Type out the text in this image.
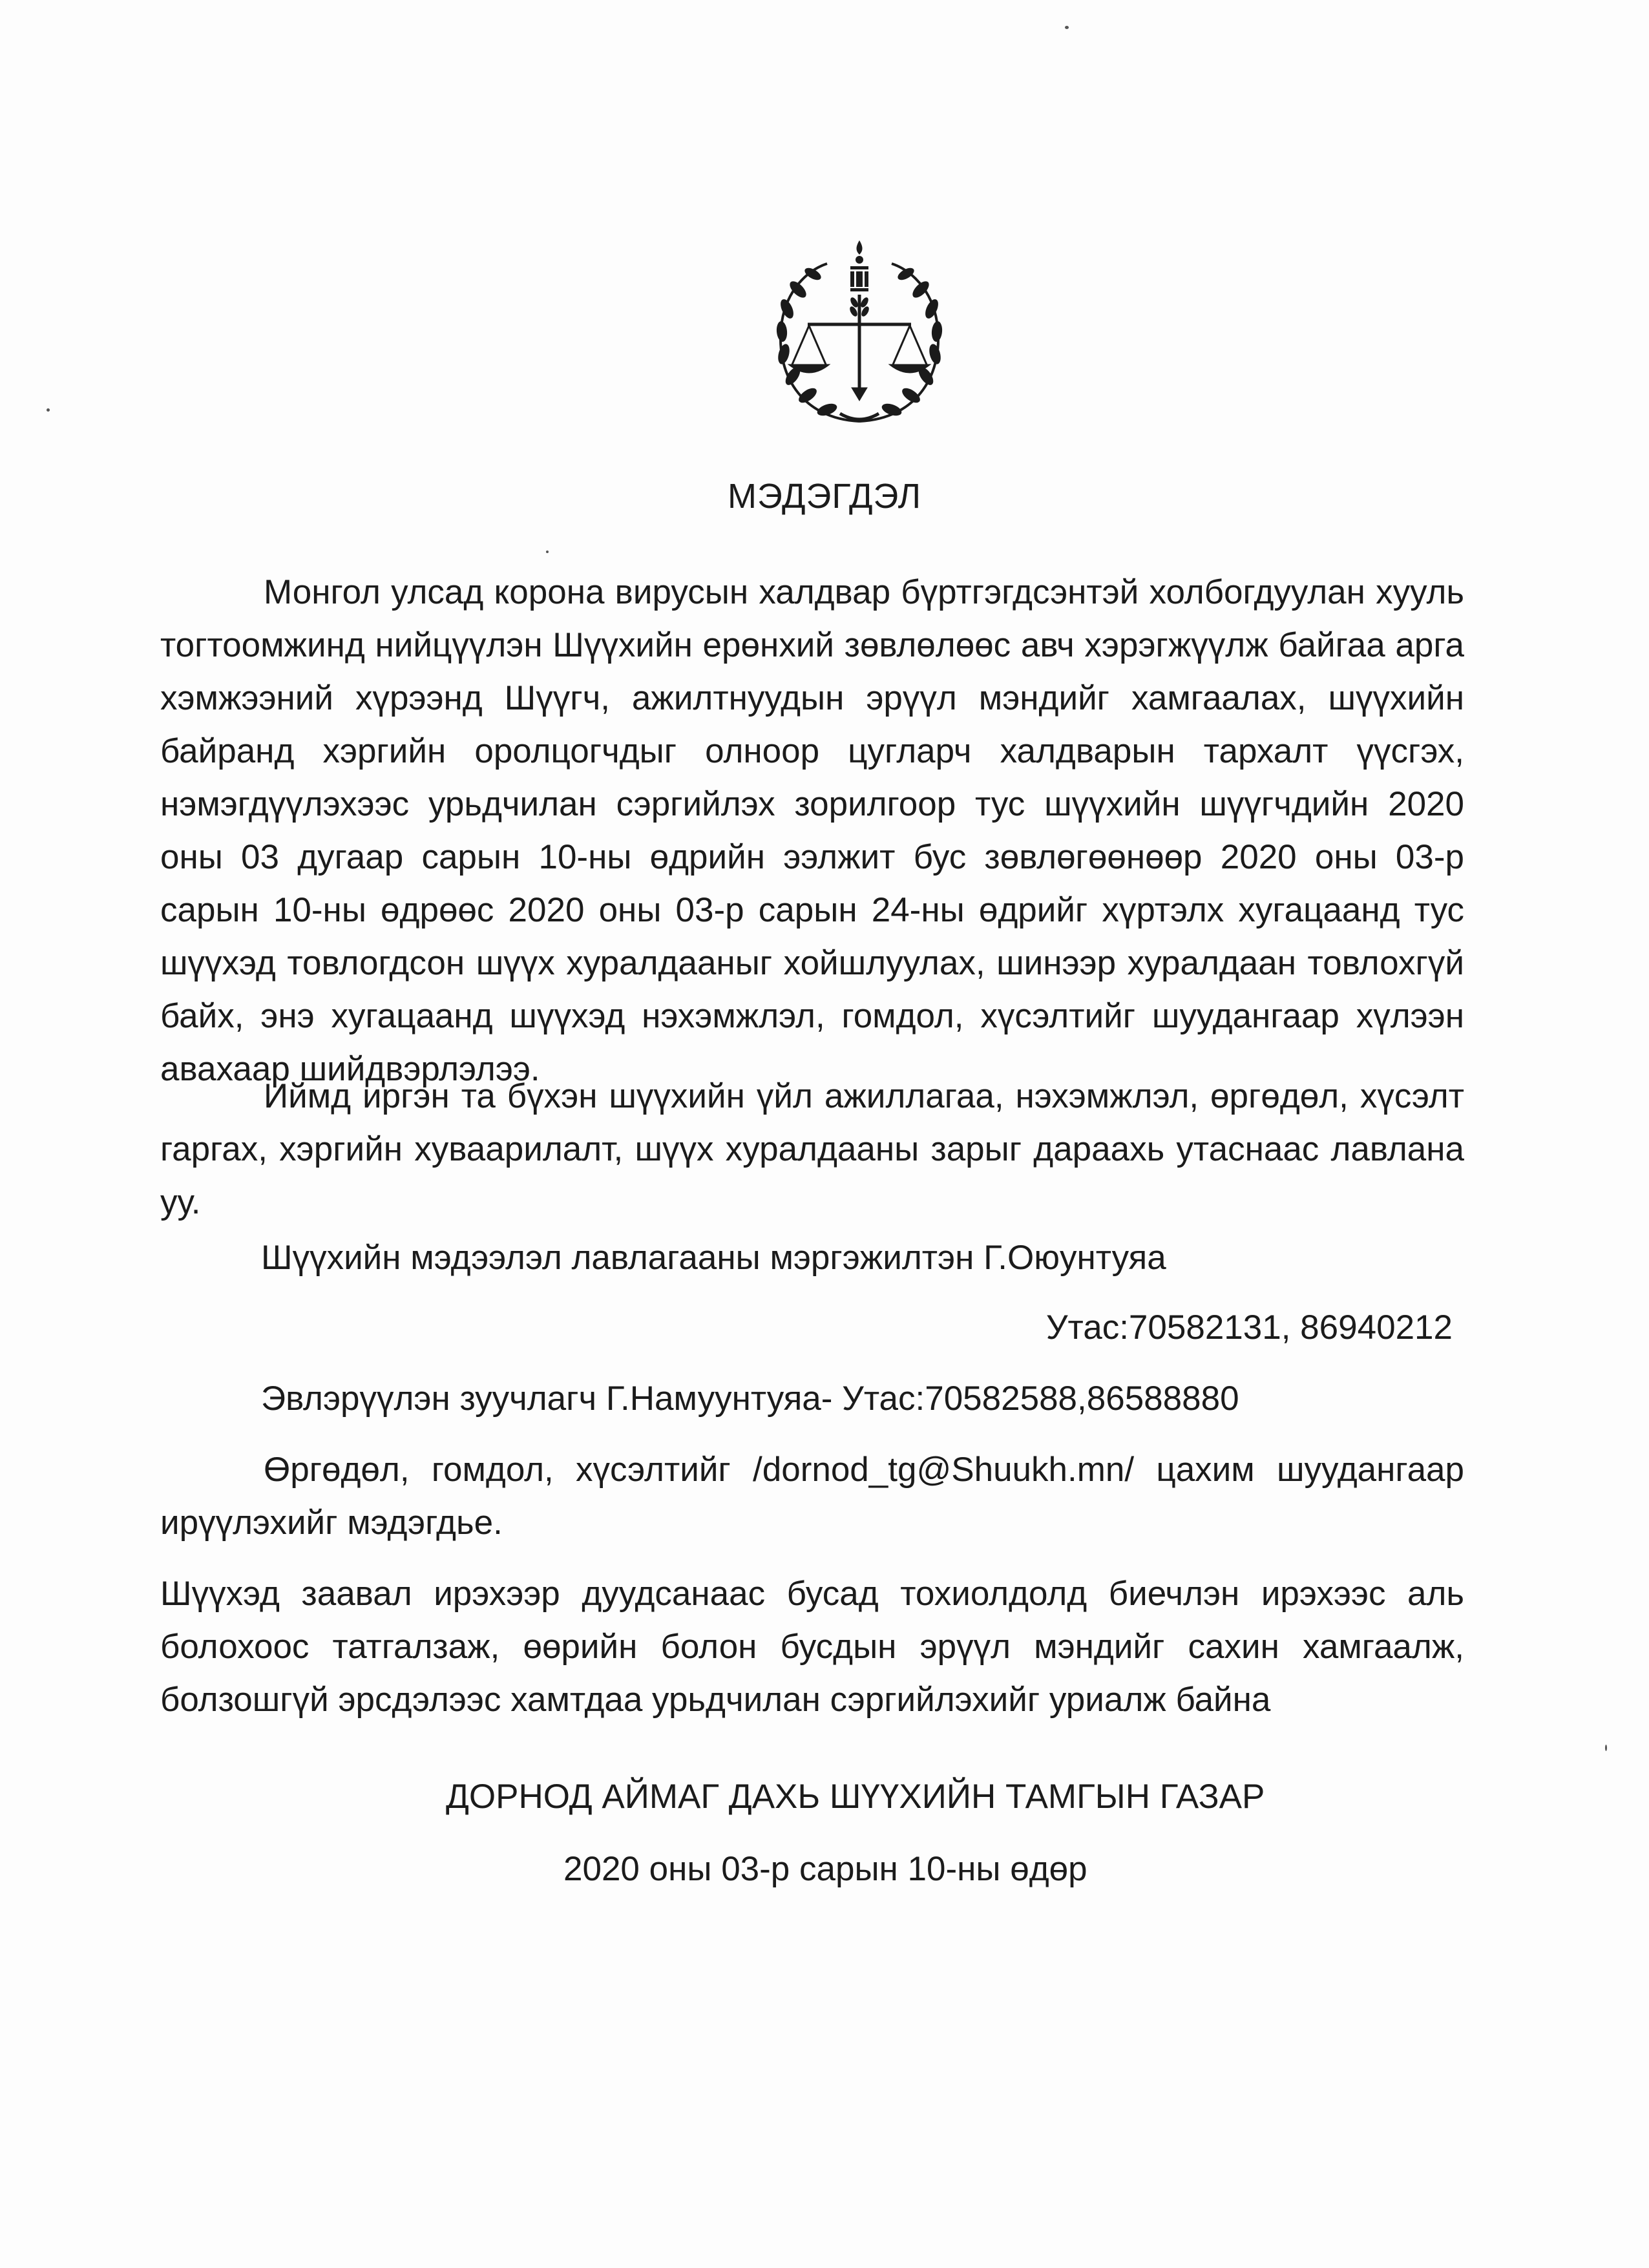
МЭДЭГДЭЛ
Монгол улсад корона вирусын халдвар бүртгэгдсэнтэй холбогдуулан хууль тогтоомжинд нийцүүлэн Шүүхийн ерөнхий зөвлөлөөс авч хэрэгжүүлж байгаа арга хэмжээний хүрээнд Шүүгч, ажилтнуудын эрүүл мэндийг хамгаалах, шүүхийн байранд хэргийн оролцогчдыг олноор цугларч халдварын тархалт үүсгэх, нэмэгдүүлэхээс урьдчилан сэргийлэх зорилгоор тус шүүхийн шүүгчдийн 2020 оны 03 дугаар сарын 10-ны өдрийн ээлжит бус зөвлөгөөнөөр 2020 оны 03-р сарын 10-ны өдрөөс 2020 оны 03-р сарын 24-ны өдрийг хүртэлх хугацаанд тус шүүхэд товлогдсон шүүх хуралдааныг хойшлуулах, шинээр хуралдаан товлохгүй байх, энэ хугацаанд шүүхэд нэхэмжлэл, гомдол, хүсэлтийг шуудангаар хүлээн авахаар шийдвэрлэлээ.
Иймд иргэн та бүхэн шүүхийн үйл ажиллагаа, нэхэмжлэл, өргөдөл, хүсэлт гаргах, хэргийн хуваарилалт, шүүх хуралдааны зарыг дараахь утаснаас лавлана уу.
Шүүхийн мэдээлэл лавлагааны мэргэжилтэн Г.Оюунтуяа
Утас:70582131, 86940212
Эвлэрүүлэн зуучлагч Г.Намуунтуяа- Утас:70582588,86588880
Өргөдөл, гомдол, хүсэлтийг /dornod_tg@Shuukh.mn/ цахим шуудангаар ирүүлэхийг мэдэгдье.
Шүүхэд заавал ирэхээр дуудсанаас бусад тохиолдолд биечлэн ирэхээс аль болохоос татгалзаж, өөрийн болон бусдын эрүүл мэндийг сахин хамгаалж, болзошгүй эрсдэлээс хамтдаа урьдчилан сэргийлэхийг уриалж байна
ДОРНОД АЙМАГ ДАХЬ ШҮҮХИЙН ТАМГЫН ГАЗАР
2020 оны 03-р сарын 10-ны өдөр
